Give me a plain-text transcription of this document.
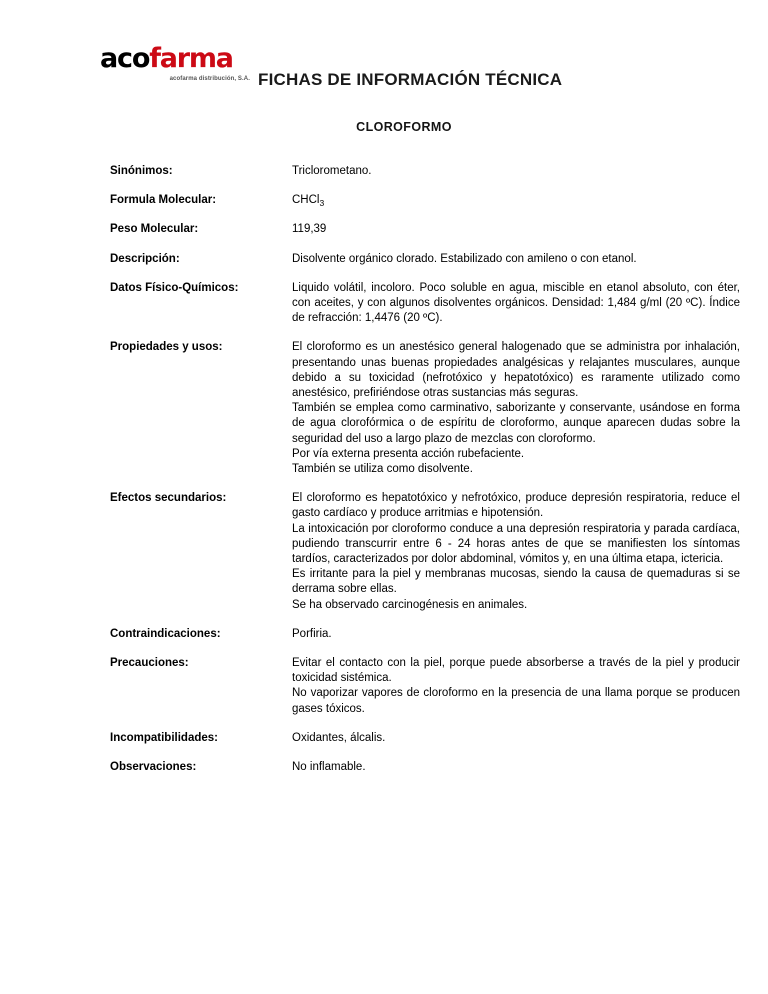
acofarma
acofarma distribución, S.A. FICHAS DE INFORMACIÓN TÉCNICA
CLOROFORMO
Sinónimos:	Triclorometano.

Formula Molecular:	CHCl$_3$

Peso Molecular:	119,39

Descripción:	Disolvente orgánico clorado. Estabilizado con amileno o con etanol.

Datos Físico-Químicos:	Liquido volátil, incoloro. Poco soluble en agua, miscible en etanol absoluto, con éter, con aceites, y con algunos disolventes orgánicos. Densidad: 1,484 g/ml (20 ºC). Índice de refracción: 1,4476 (20 ºC).

Propiedades y usos:	El cloroformo es un anestésico general halogenado que se administra por inhalación, presentando unas buenas propiedades analgésicas y relajantes musculares, aunque debido a su toxicidad (nefrotóxico y hepatotóxico) es raramente utilizado como anestésico, prefiriéndose otras sustancias más seguras.

También se emplea como carminativo, saborizante y conservante, usándose en forma de agua clorofórmica o de espíritu de cloroformo, aunque aparecen dudas sobre la seguridad del uso a largo plazo de mezclas con cloroformo.

Por vía externa presenta acción rubefaciente.

También se utiliza como disolvente.

Efectos secundarios:	El cloroformo es hepatotóxico y nefrotóxico, produce depresión respiratoria, reduce el gasto cardíaco y produce arritmias e hipotensión.

La intoxicación por cloroformo conduce a una depresión respiratoria y parada cardíaca, pudiendo transcurrir entre 6 - 24 horas antes de que se manifiesten los síntomas tardíos, caracterizados por dolor abdominal, vómitos y, en una última etapa, ictericia.

Es irritante para la piel y membranas mucosas, siendo la causa de quemaduras si se derrama sobre ellas.

Se ha observado carcinogénesis en animales.

Contraindicaciones:	Porfiria.

Precauciones:	Evitar el contacto con la piel, porque puede absorberse a través de la piel y producir toxicidad sistémica.

No vaporizar vapores de cloroformo en la presencia de una llama porque se producen gases tóxicos.

Incompatibilidades:	Oxidantes, álcalis.

Observaciones:	No inflamable.
